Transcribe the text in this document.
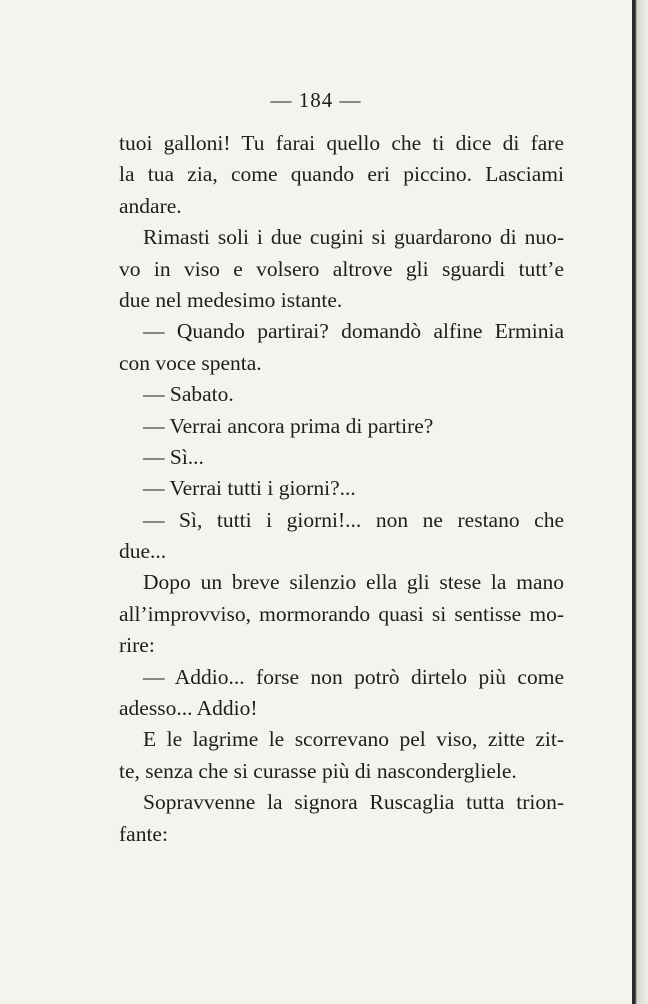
— 184 —
tuoi galloni! Tu farai quello che ti dice di fare
la tua zia, come quando eri piccino. Lasciami
andare.
Rimasti soli i due cugini si guardarono di nuo-
vo in viso e volsero altrove gli sguardi tutt’e
due nel medesimo istante.
— Quando partirai? domandò alfine Erminia
con voce spenta.
— Sabato.
— Verrai ancora prima di partire?
— Sì...
— Verrai tutti i giorni?...
— Sì, tutti i giorni!... non ne restano che
due...
Dopo un breve silenzio ella gli stese la mano
all’improvviso, mormorando quasi si sentisse mo-
rire:
— Addio... forse non potrò dirtelo più come
adesso... Addio!
E le lagrime le scorrevano pel viso, zitte zit-
te, senza che si curasse più di nascondergliele.
Sopravvenne la signora Ruscaglia tutta trion-
fante:
